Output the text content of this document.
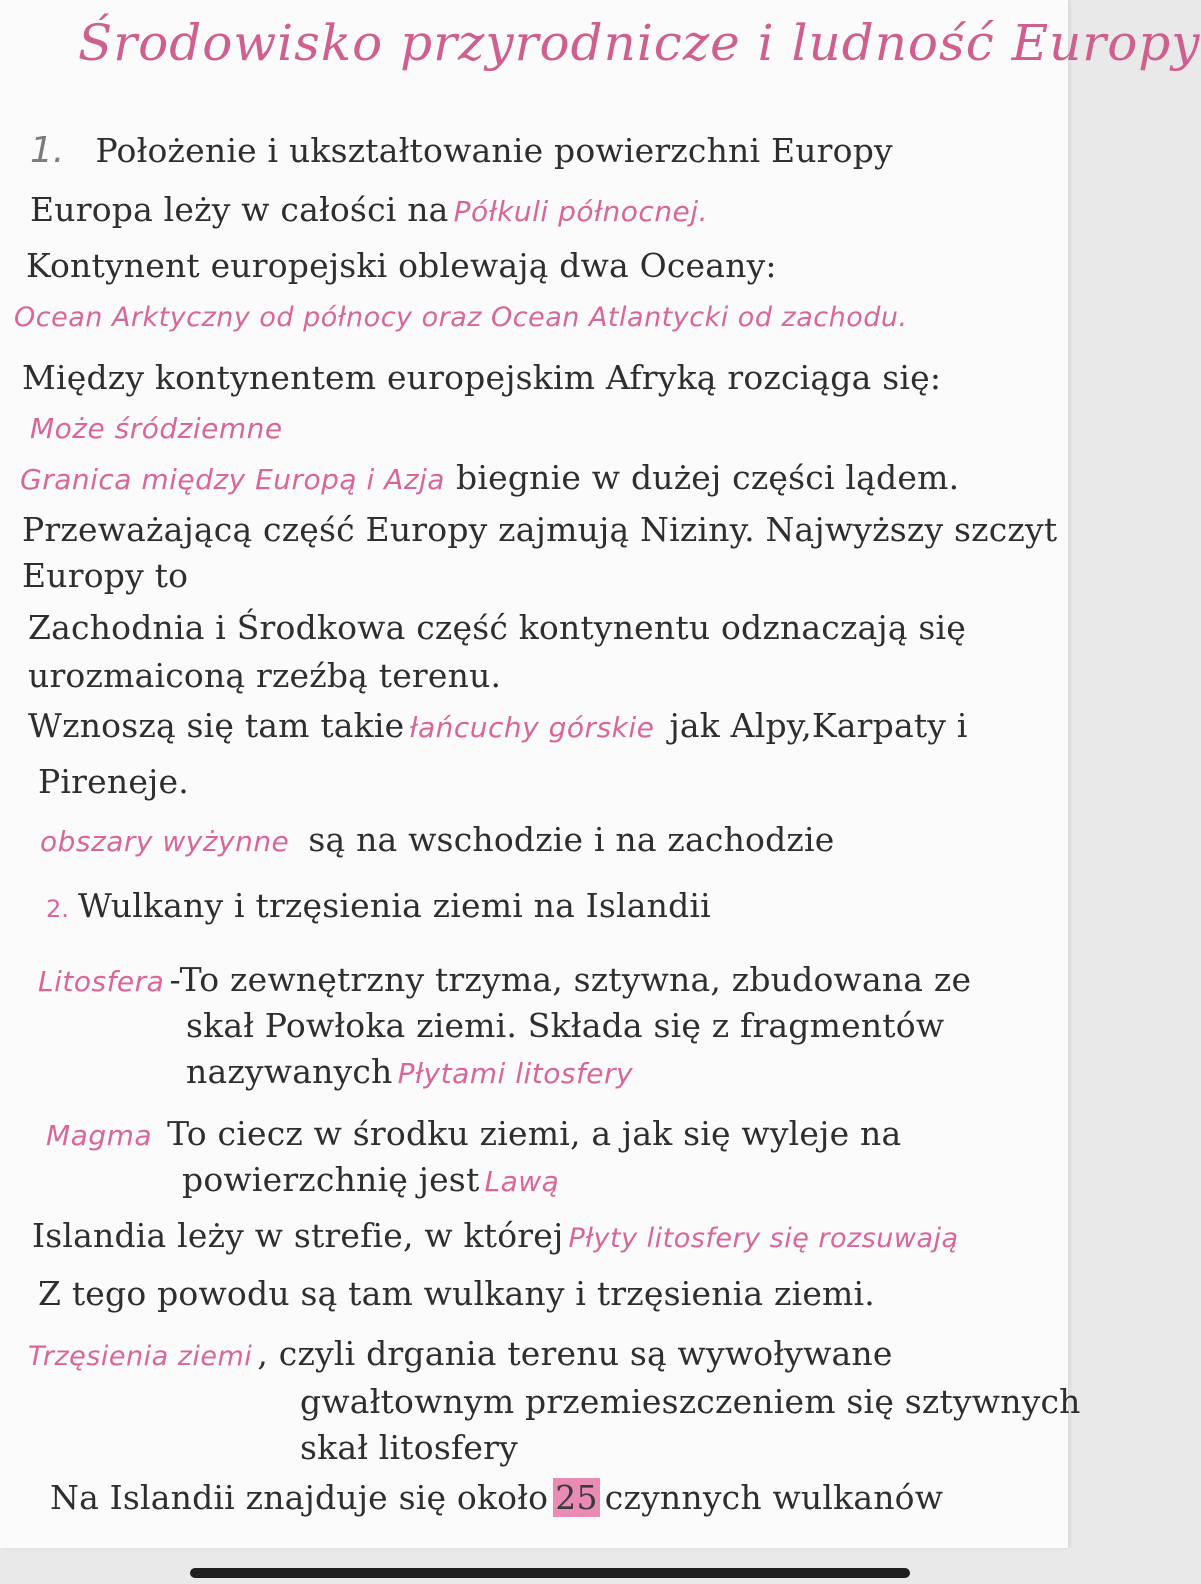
Środowisko przyrodnicze i ludność Europy
1. Położenie i ukształtowanie powierzchni Europy
Europa leży w całości na Półkuli północnej.
Kontynent europejski oblewają dwa Oceany:
Ocean Arktyczny od północy oraz Ocean Atlantycki od zachodu.
Między kontynentem europejskim Afryką rozciąga się:
Może śródziemne
Granica między Europą i Azja biegnie w dużej części lądem.
Przeważającą część Europy zajmują Niziny. Najwyższy szczyt
Europy to
Zachodnia i Środkowa część kontynentu odznaczają się
urozmaiconą rzeźbą terenu.
Wznoszą się tam takie łańcuchy górskie jak Alpy,Karpaty i
Pireneje.
obszary wyżynne są na wschodzie i na zachodzie
2. Wulkany i trzęsienia ziemi na Islandii
Litosfera -To zewnętrzny trzyma, sztywna, zbudowana ze
skał Powłoka ziemi. Składa się z fragmentów
nazywanych Płytami litosfery
Magma To ciecz w środku ziemi, a jak się wyleje na
powierzchnię jest Lawą
Islandia leży w strefie, w której Płyty litosfery się rozsuwają
Z tego powodu są tam wulkany i trzęsienia ziemi.
Trzęsienia ziemi , czyli drgania terenu są wywoływane
gwałtownym przemieszczeniem się sztywnych
skał litosfery
Na Islandii znajduje się około 25 czynnych wulkanów
